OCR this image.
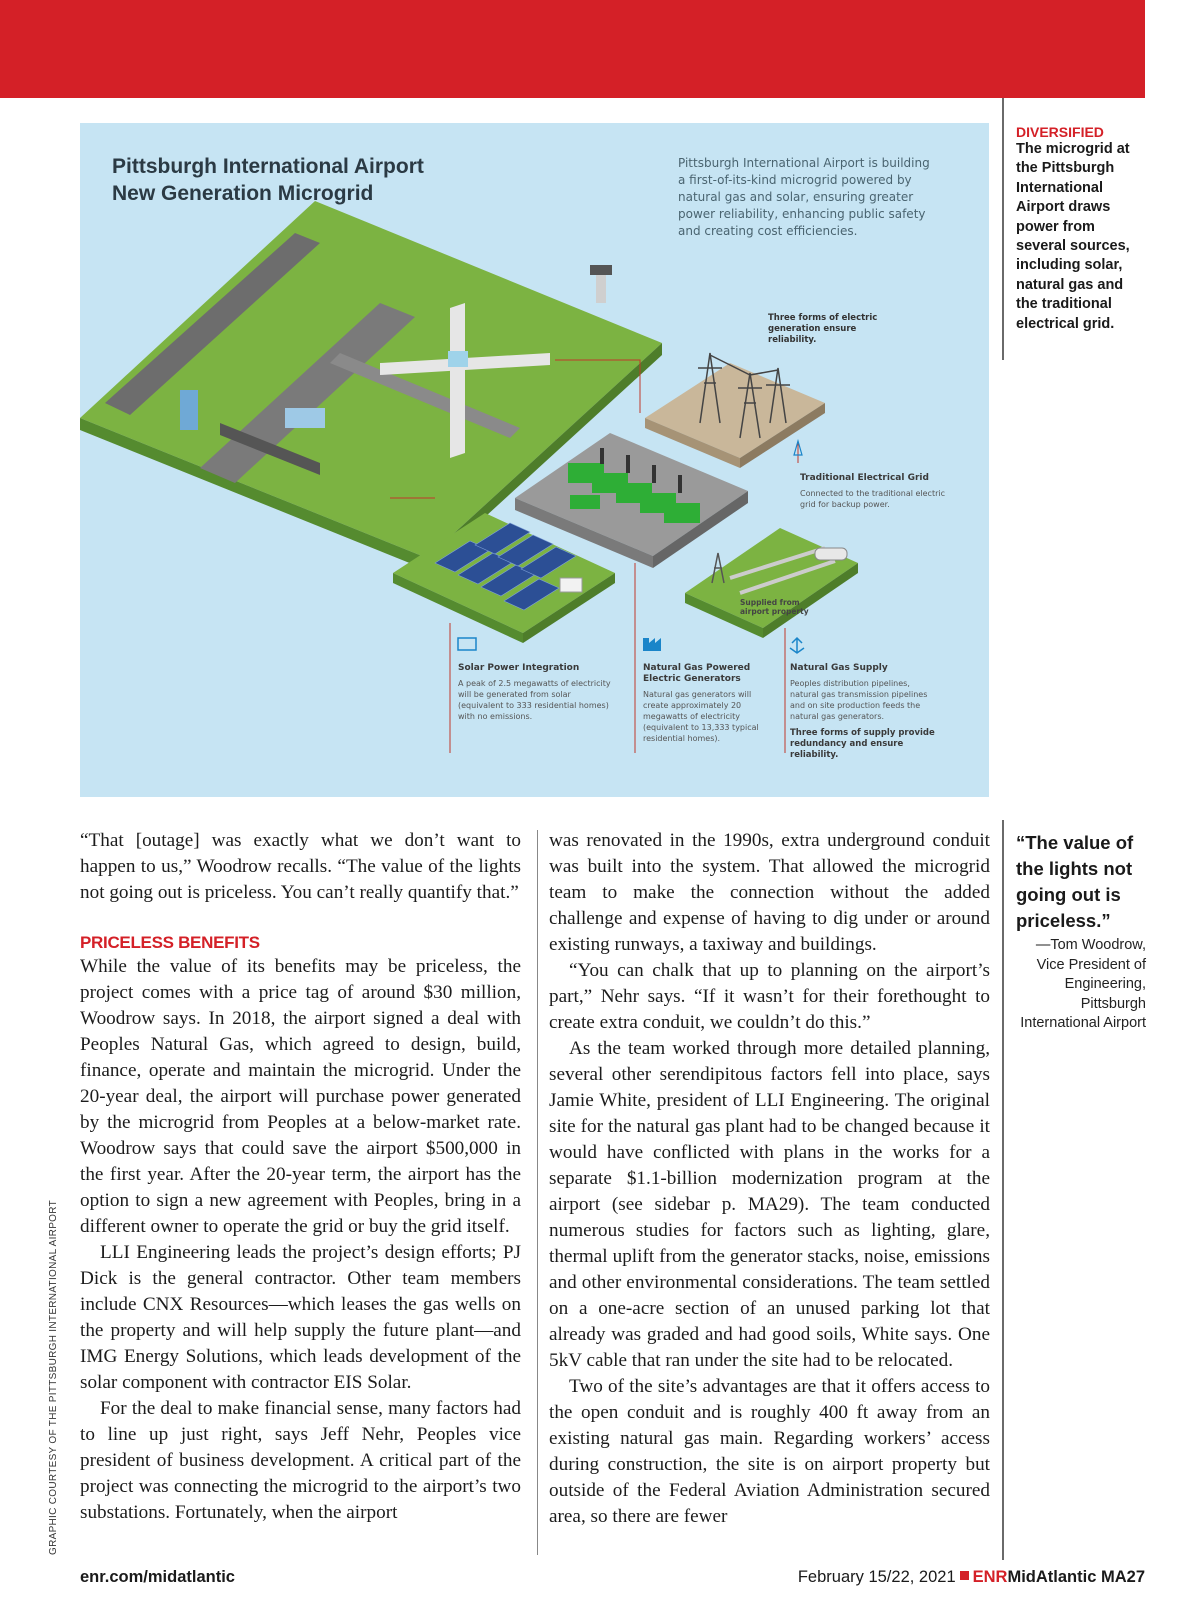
Pittsburgh International Airport
New Generation Microgrid
Pittsburgh International Airport is building a first-of-its-kind microgrid powered by natural gas and solar, ensuring greater power reliability, enhancing public safety and creating cost efficiencies.
Three forms of electric generation ensure reliability.
Traditional Electrical Grid
Connected to the traditional electric grid for backup power.
Supplied from airport property
Solar Power Integration
A peak of 2.5 megawatts of electricity will be generated from solar (equivalent to 333 residential homes) with no emissions.
Natural Gas Powered Electric Generators
Natural gas generators will create approximately 20 megawatts of electricity (equivalent to 13,333 typical residential homes).
Natural Gas Supply
Peoples distribution pipelines, natural gas transmission pipelines and on site production feeds the natural gas generators.
Three forms of supply provide redundancy and ensure reliability.
DIVERSIFIED
The microgrid at the Pittsburgh International Airport draws power from several sources, including solar, natural gas and the traditional electrical grid.
“The value of the lights not going out is priceless.”
—Tom Woodrow, Vice President of Engineering, Pittsburgh International Airport

“That [outage] was exactly what we don’t want to happen to us,” Woodrow recalls. “The value of the lights not going out is priceless. You can’t really quantify that.”

PRICELESS BENEFITS

While the value of its benefits may be priceless, the project comes with a price tag of around $30 million, Woodrow says. In 2018, the airport signed a deal with Peoples Natural Gas, which agreed to design, build, finance, operate and maintain the microgrid. Under the 20-year deal, the airport will purchase power generated by the microgrid from Peoples at a below-market rate. Woodrow says that could save the airport $500,000 in the first year. After the 20-year term, the airport has the option to sign a new agreement with Peoples, bring in a different owner to operate the grid or buy the grid itself.

LLI Engineering leads the project’s design efforts; PJ Dick is the general contractor. Other team members include CNX Resources—which leases the gas wells on the property and will help supply the future plant—and IMG Energy Solutions, which leads development of the solar component with contractor EIS Solar.

For the deal to make financial sense, many factors had to line up just right, says Jeff Nehr, Peoples vice president of business development. A critical part of the project was connecting the microgrid to the airport’s two substations. Fortunately, when the airport

was renovated in the 1990s, extra underground conduit was built into the system. That allowed the microgrid team to make the connection without the added challenge and expense of having to dig under or around existing runways, a taxiway and buildings.

“You can chalk that up to planning on the airport’s part,” Nehr says. “If it wasn’t for their forethought to create extra conduit, we couldn’t do this.”

As the team worked through more detailed planning, several other serendipitous factors fell into place, says Jamie White, president of LLI Engineering. The original site for the natural gas plant had to be changed because it would have conflicted with plans in the works for a separate $1.1-billion modernization program at the airport (see sidebar p. MA29). The team conducted numerous studies for factors such as lighting, glare, thermal uplift from the generator stacks, noise, emissions and other environmental considerations. The team settled on a one-acre section of an unused parking lot that already was graded and had good soils, White says. One 5kV cable that ran under the site had to be relocated.

Two of the site’s advantages are that it offers access to the open conduit and is roughly 400 ft away from an existing natural gas main. Regarding workers’ access during construction, the site is on airport property but outside of the Federal Aviation Administration secured area, so there are fewer

GRAPHIC COURTESY OF THE PITTSBURGH INTERNATIONAL AIRPORT
enr.com/midatlantic	February 15/22, 2021 ENRMidAtlantic MA27
